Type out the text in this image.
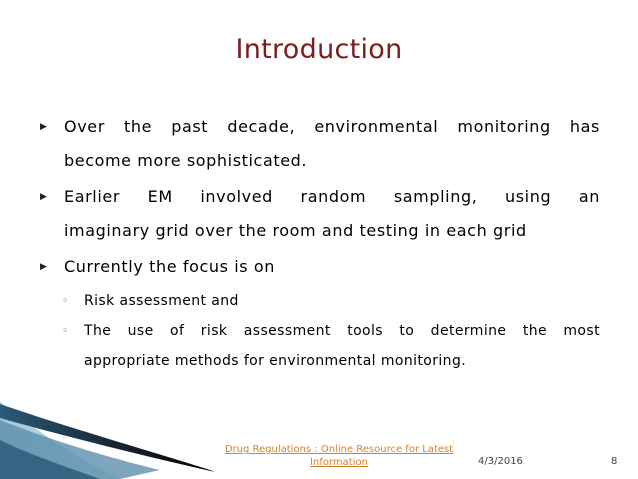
Introduction
▶ Over the past decade, environmental monitoring has
become more sophisticated.
▶ Earlier EM involved random sampling, using an
imaginary grid over the room and testing in each grid
▶ Currently the focus is on
◦ Risk assessment and
◦ The use of risk assessment tools to determine the most
appropriate methods for environmental monitoring.
Drug Regulations : Online Resource for Latest Information	4/3/2016	8
